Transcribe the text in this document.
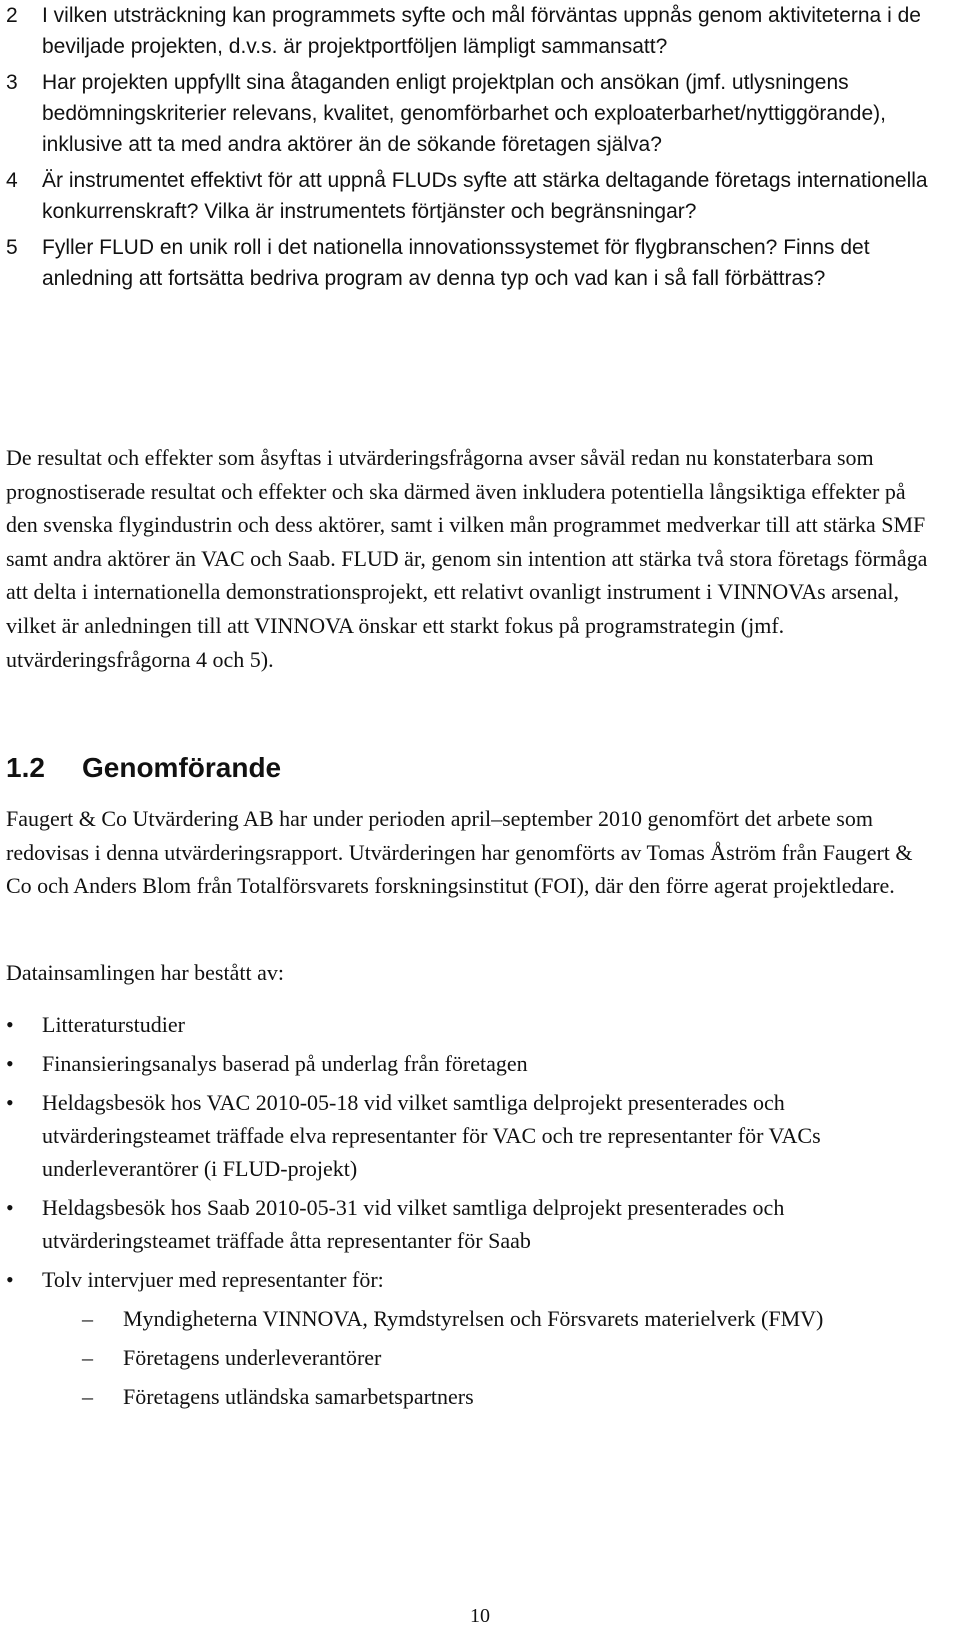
2 I vilken utsträckning kan programmets syfte och mål förväntas uppnås genom aktiviteterna i de beviljade projekten, d.v.s. är projektportföljen lämpligt sammansatt?
3 Har projekten uppfyllt sina åtaganden enligt projektplan och ansökan (jmf. utlysningens bedömningskriterier relevans, kvalitet, genomförbarhet och exploaterbarhet/nyttiggörande), inklusive att ta med andra aktörer än de sökande företagen själva?
4 Är instrumentet effektivt för att uppnå FLUDs syfte att stärka deltagande företags internationella konkurrenskraft? Vilka är instrumentets förtjänster och begränsningar?
5 Fyller FLUD en unik roll i det nationella innovationssystemet för flygbranschen? Finns det anledning att fortsätta bedriva program av denna typ och vad kan i så fall förbättras?

De resultat och effekter som åsyftas i utvärderingsfrågorna avser såväl redan nu konstaterbara som prognostiserade resultat och effekter och ska därmed även inkludera potentiella långsiktiga effekter på den svenska flygindustrin och dess aktörer, samt i vilken mån programmet medverkar till att stärka SMF samt andra aktörer än VAC och Saab. FLUD är, genom sin intention att stärka två stora företags förmåga att delta i internationella demonstrationsprojekt, ett relativt ovanligt instrument i VINNOVAs arsenal, vilket är anledningen till att VINNOVA önskar ett starkt fokus på programstrategin (jmf. utvärderingsfrågorna 4 och 5).

1.2 Genomförande

Faugert & Co Utvärdering AB har under perioden april–september 2010 genomfört det arbete som redovisas i denna utvärderingsrapport. Utvärderingen har genomförts av Tomas Åström från Faugert & Co och Anders Blom från Totalförsvarets forskningsinstitut (FOI), där den förre agerat projektledare.

Datainsamlingen har bestått av:

• Litteraturstudier
• Finansieringsanalys baserad på underlag från företagen
• Heldagsbesök hos VAC 2010-05-18 vid vilket samtliga delprojekt presenterades och utvärderingsteamet träffade elva representanter för VAC och tre representanter för VACs underleverantörer (i FLUD-projekt)
• Heldagsbesök hos Saab 2010-05-31 vid vilket samtliga delprojekt presenterades och utvärderingsteamet träffade åtta representanter för Saab
• Tolv intervjuer med representanter för:
– Myndigheterna VINNOVA, Rymdstyrelsen och Försvarets materielverk (FMV)
– Företagens underleverantörer
– Företagens utländska samarbetspartners
10
